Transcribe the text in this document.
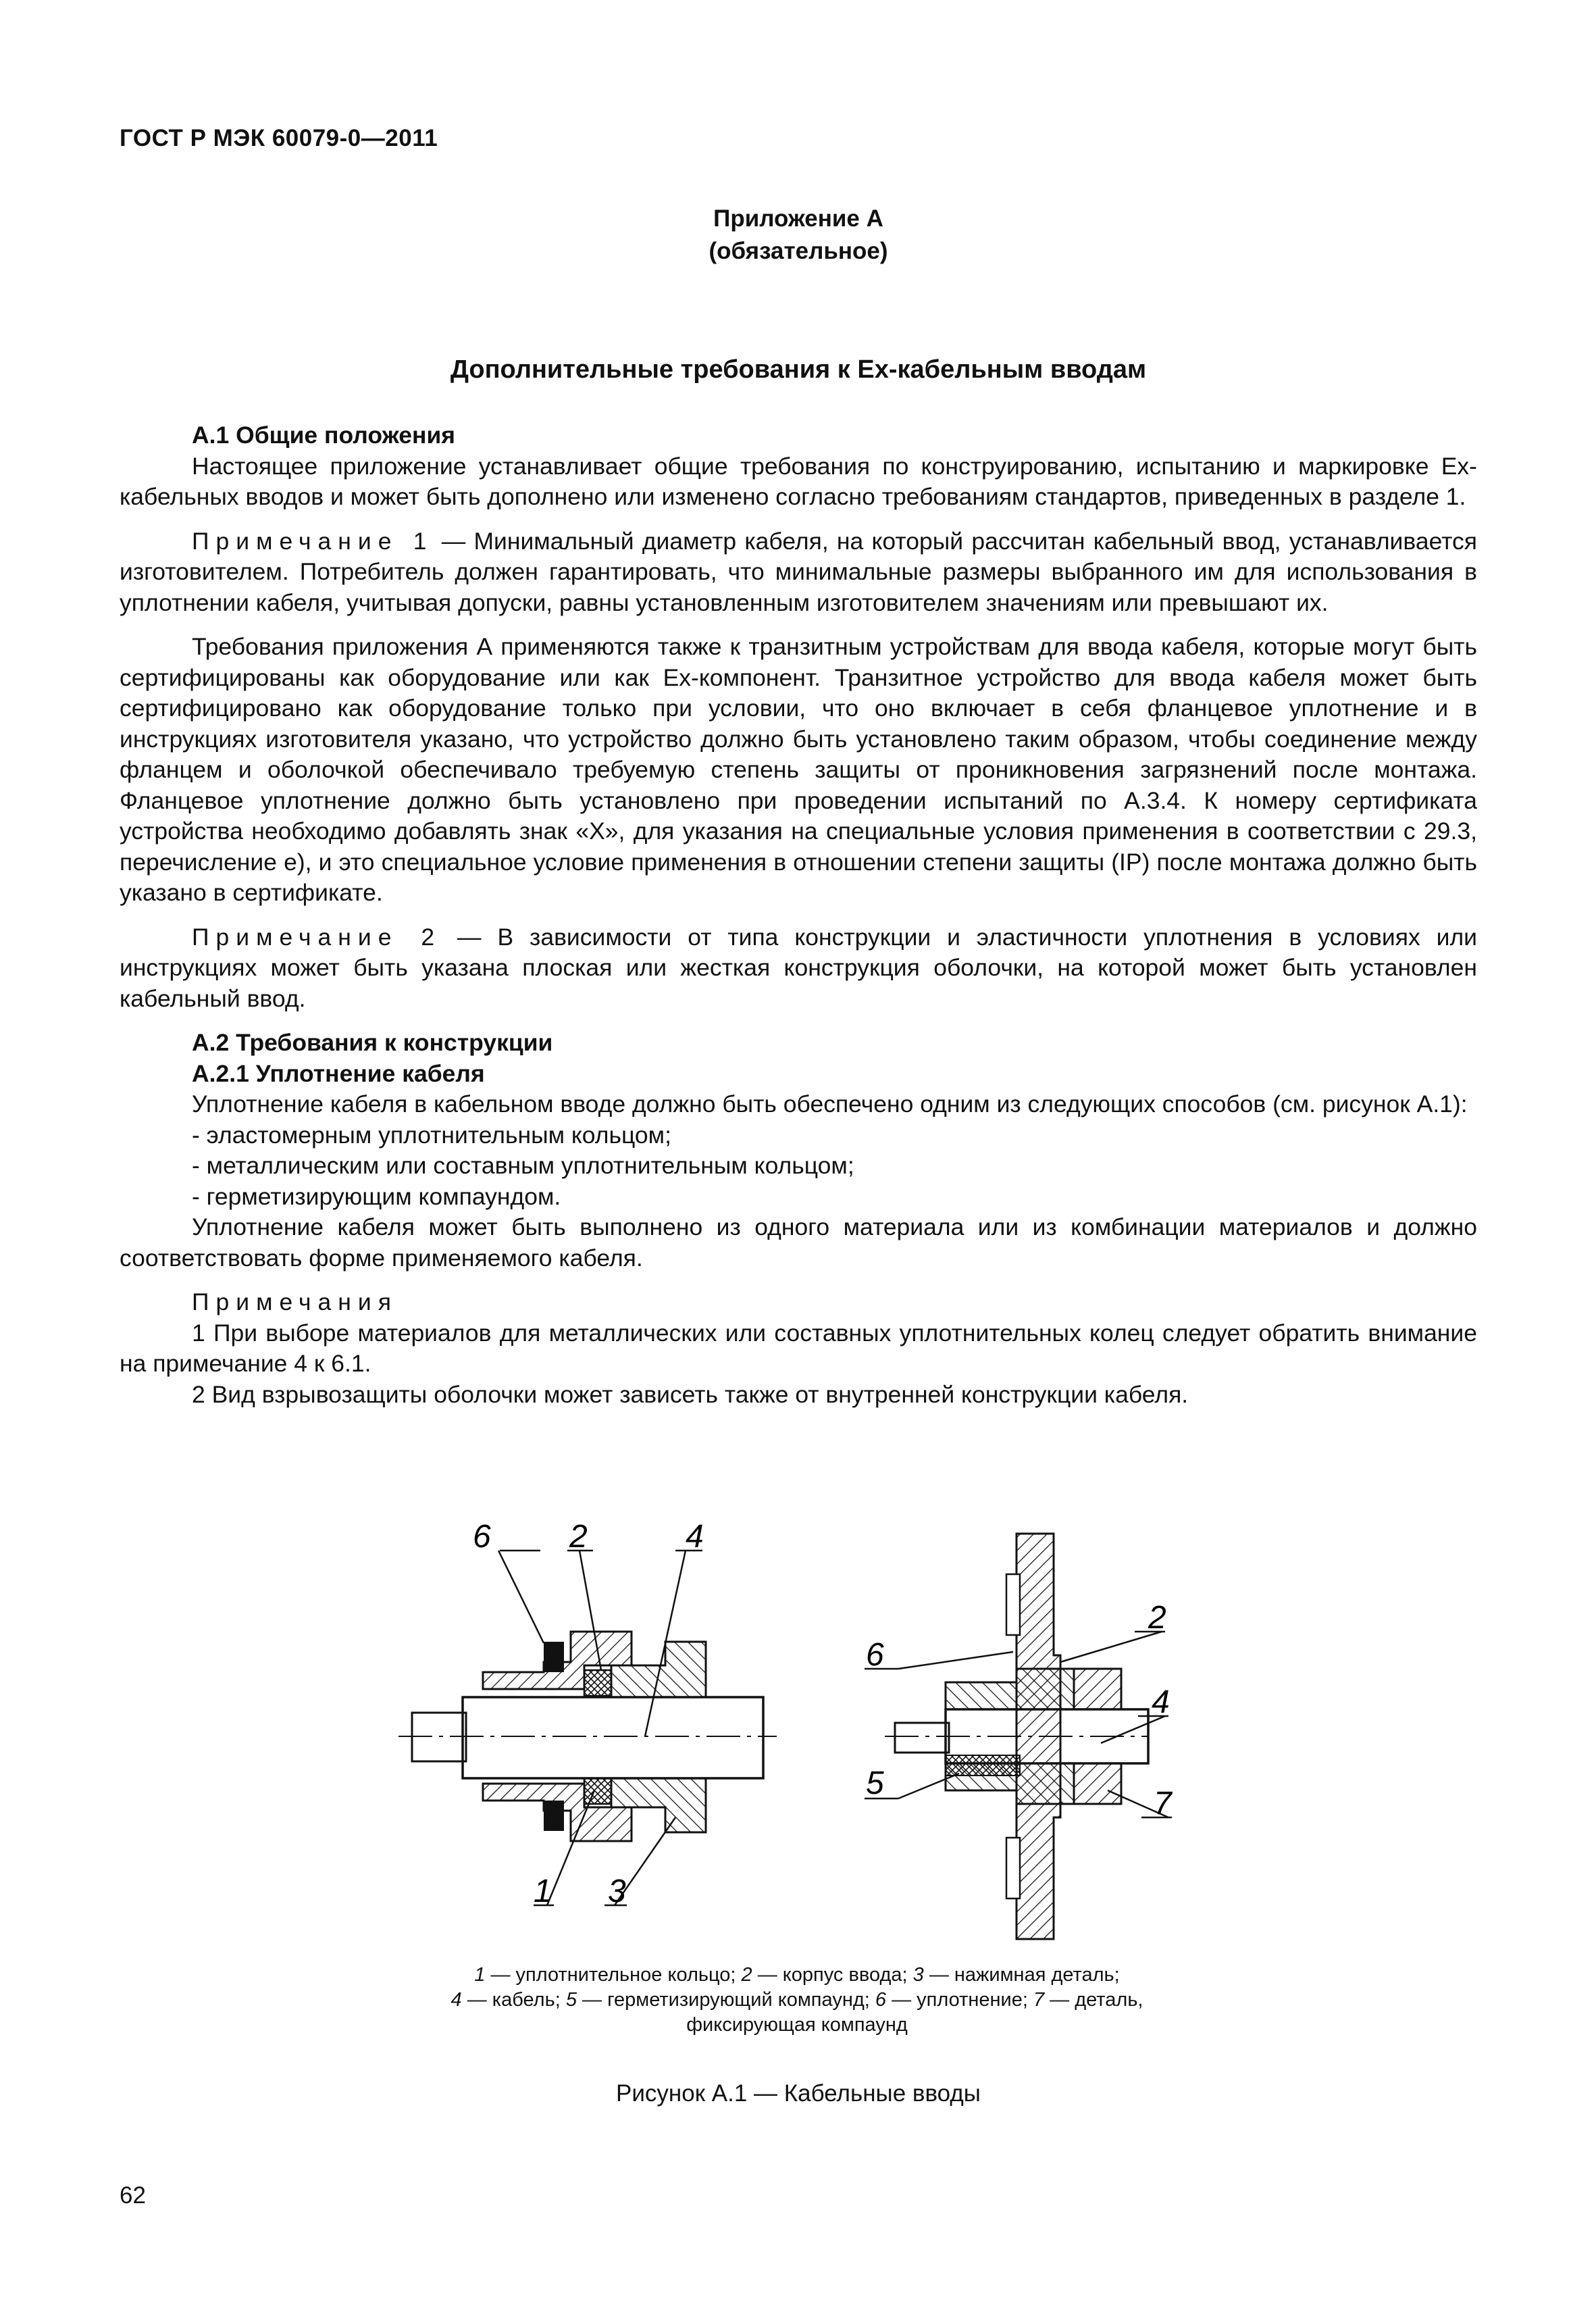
ГОСТ Р МЭК 60079-0—2011
Приложение А
(обязательное)
Дополнительные требования к Ex-кабельным вводам

А.1 Общие положения

Настоящее приложение устанавливает общие требования по конструированию, испытанию и маркировке Ex-кабельных вводов и может быть дополнено или изменено согласно требованиям стандартов, приведенных в разделе 1.

Примечание 1 — Минимальный диаметр кабеля, на который рассчитан кабельный ввод, устанавливается изготовителем. Потребитель должен гарантировать, что минимальные размеры выбранного им для использования в уплотнении кабеля, учитывая допуски, равны установленным изготовителем значениям или превышают их.

Требования приложения А применяются также к транзитным устройствам для ввода кабеля, которые могут быть сертифицированы как оборудование или как Ex-компонент. Транзитное устройство для ввода кабеля может быть сертифицировано как оборудование только при условии, что оно включает в себя фланцевое уплотнение и в инструкциях изготовителя указано, что устройство должно быть установлено таким образом, чтобы соединение между фланцем и оболочкой обеспечивало требуемую степень защиты от проникновения загрязнений после монтажа. Фланцевое уплотнение должно быть установлено при проведении испытаний по А.3.4. К номеру сертификата устройства необходимо добавлять знак «X», для указания на специальные условия применения в соответствии с 29.3, перечисление е), и это специальное условие применения в отношении степени защиты (IP) после монтажа должно быть указано в сертификате.

Примечание 2 — В зависимости от типа конструкции и эластичности уплотнения в условиях или инструкциях может быть указана плоская или жесткая конструкция оболочки, на которой может быть установлен кабельный ввод.

А.2 Требования к конструкции

А.2.1 Уплотнение кабеля

Уплотнение кабеля в кабельном вводе должно быть обеспечено одним из следующих способов (см. рисунок А.1):

- эластомерным уплотнительным кольцом;

- металлическим или составным уплотнительным кольцом;

- герметизирующим компаундом.

Уплотнение кабеля может быть выполнено из одного материала или из комбинации материалов и должно соответствовать форме применяемого кабеля.

Примечания

1 При выборе материалов для металлических или составных уплотнительных колец следует обратить внимание на примечание 4 к 6.1.

2 Вид взрывозащиты оболочки может зависеть также от внутренней конструкции кабеля.

6 2	4
1 3
2
6
4
5
7
1 — уплотнительное кольцо; 2 — корпус ввода; 3 — нажимная деталь;
4 — кабель; 5 — герметизирующий компаунд; 6 — уплотнение; 7 — деталь,
фиксирующая компаунд
Рисунок А.1 — Кабельные вводы
62
